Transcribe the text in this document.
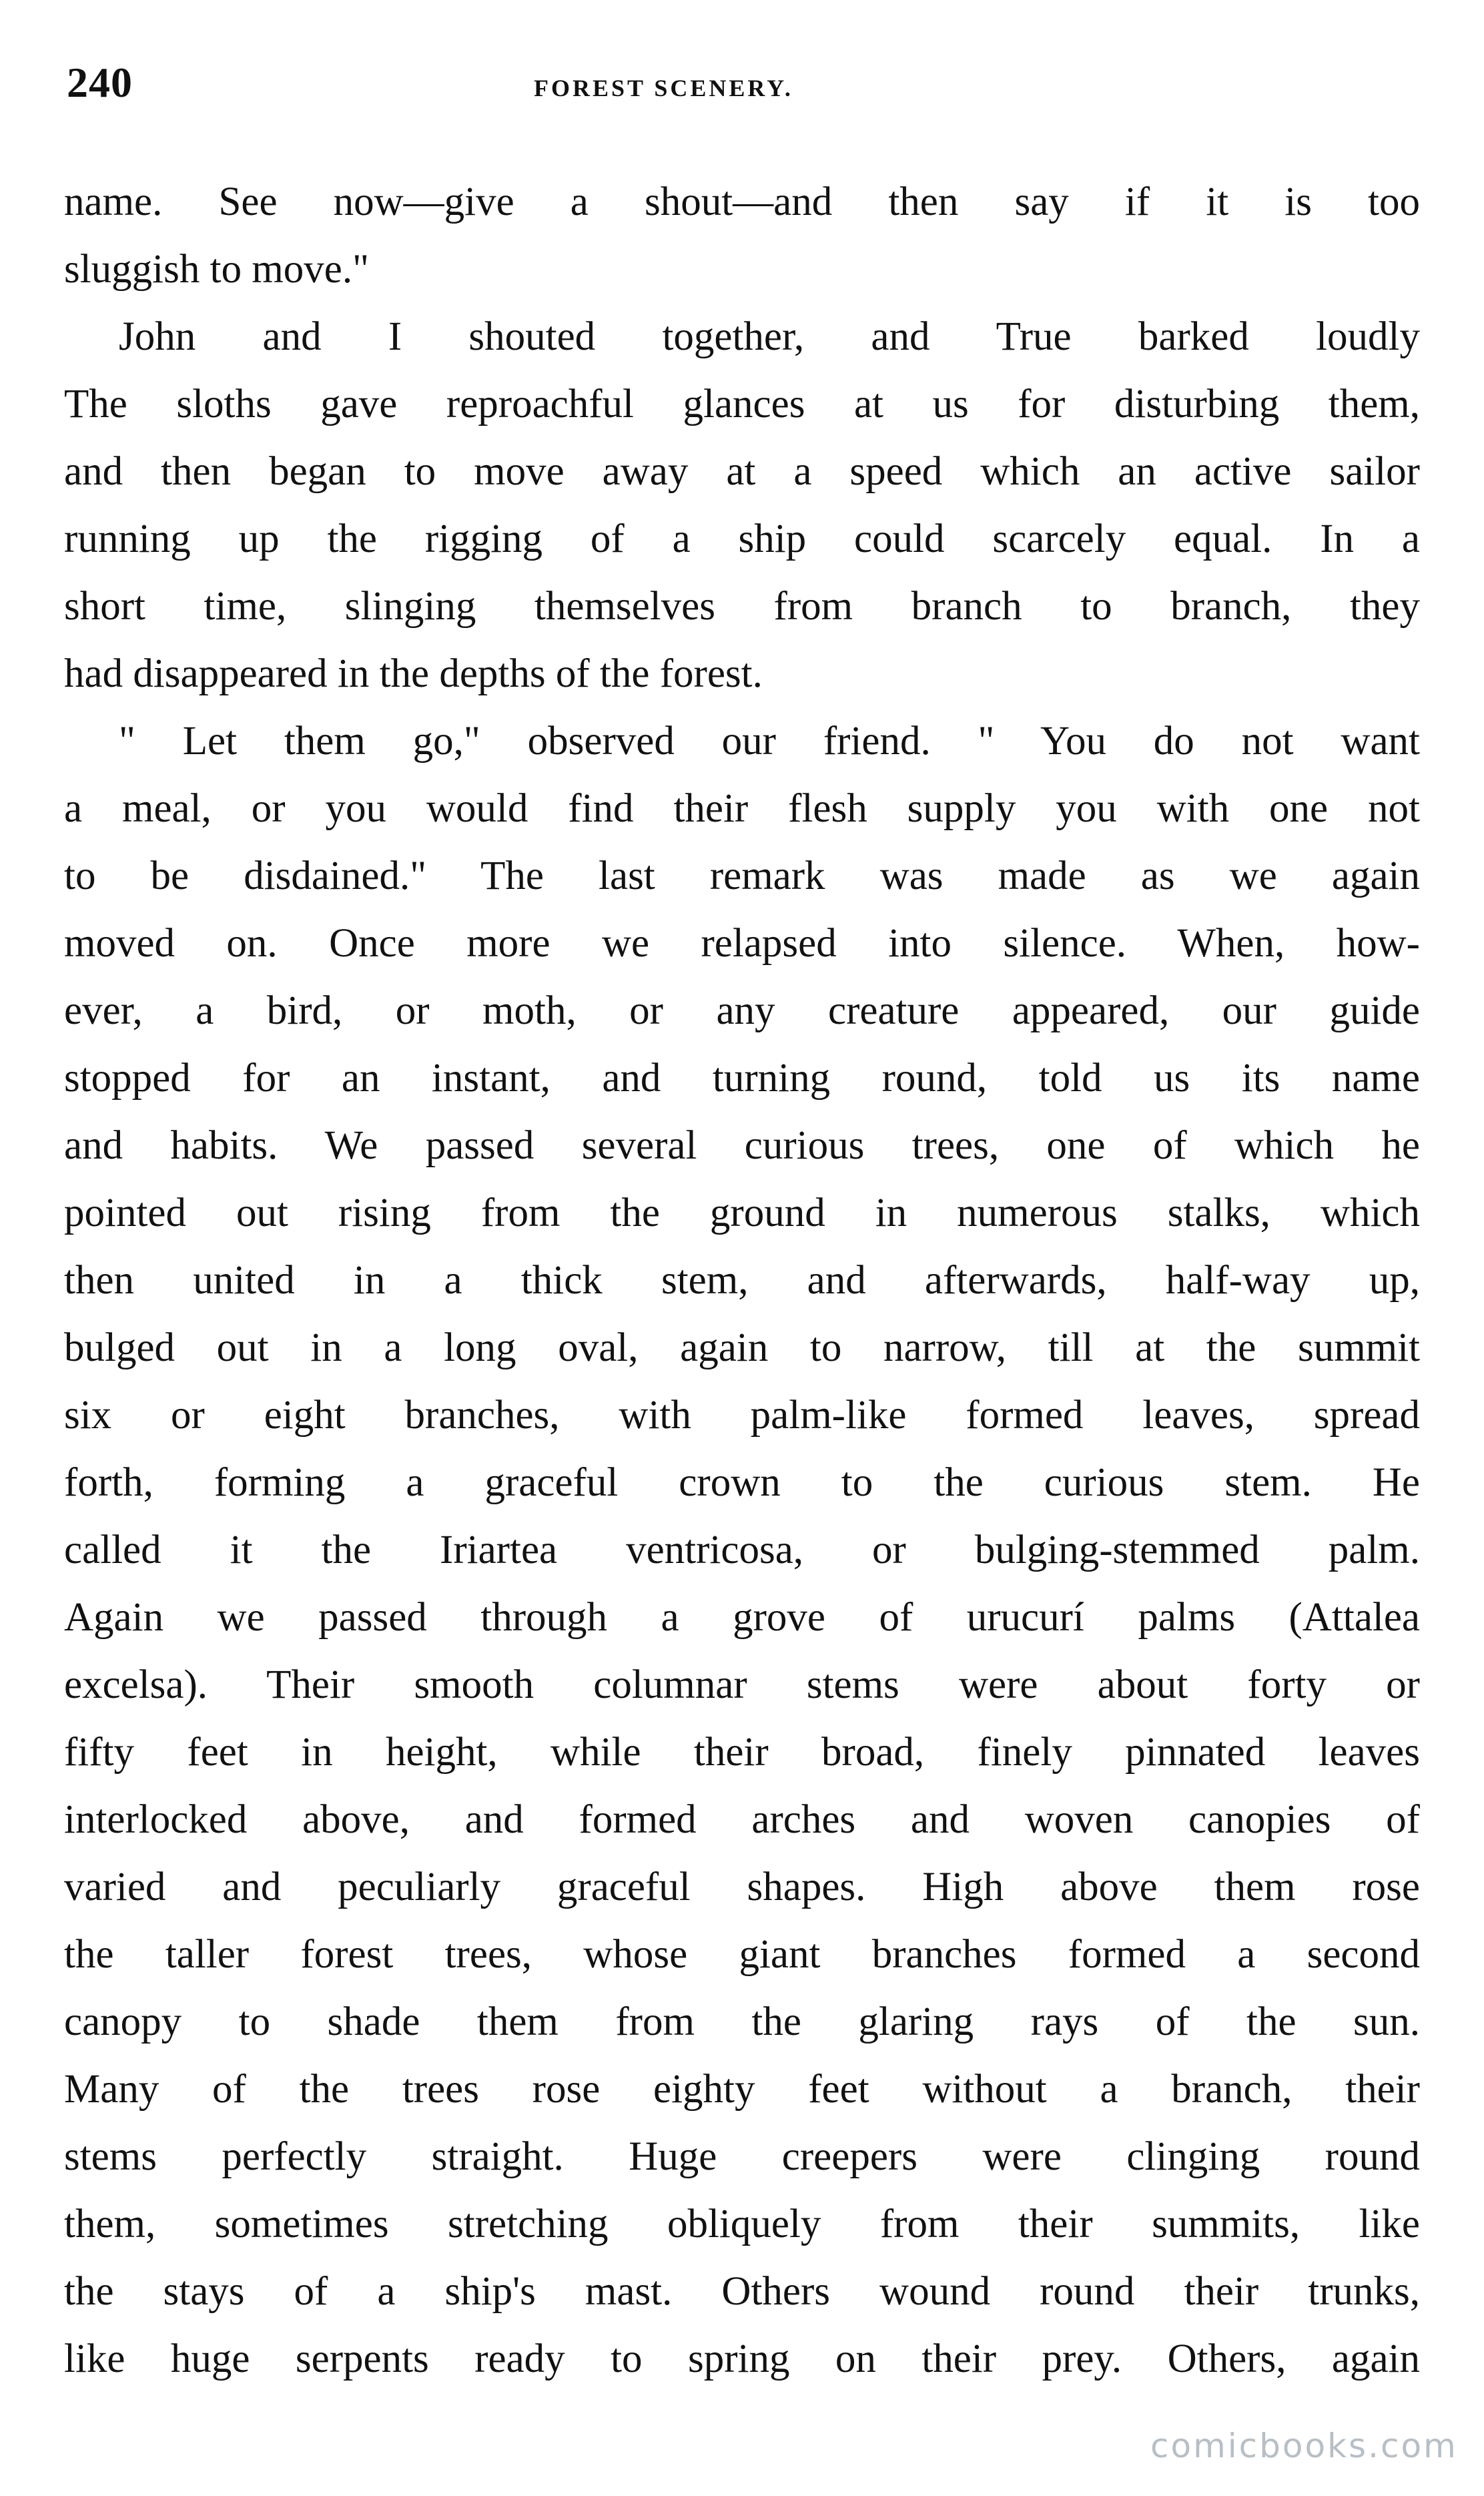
240	FOREST SCENERY.
name. See now—give a shout—and then say if it is too
sluggish to move."
John and I shouted together, and True barked loudly
The sloths gave reproachful glances at us for disturbing them,
and then began to move away at a speed which an active sailor
running up the rigging of a ship could scarcely equal. In a
short time, slinging themselves from branch to branch, they
had disappeared in the depths of the forest.
" Let them go," observed our friend. " You do not want
a meal, or you would find their flesh supply you with one not
to be disdained." The last remark was made as we again
moved on. Once more we relapsed into silence. When, how-
ever, a bird, or moth, or any creature appeared, our guide
stopped for an instant, and turning round, told us its name
and habits. We passed several curious trees, one of which he
pointed out rising from the ground in numerous stalks, which
then united in a thick stem, and afterwards, half-way up,
bulged out in a long oval, again to narrow, till at the summit
six or eight branches, with palm-like formed leaves, spread
forth, forming a graceful crown to the curious stem. He
called it the Iriartea ventricosa, or bulging-stemmed palm.
Again we passed through a grove of urucurí palms (Attalea
excelsa). Their smooth columnar stems were about forty or
fifty feet in height, while their broad, finely pinnated leaves
interlocked above, and formed arches and woven canopies of
varied and peculiarly graceful shapes. High above them rose
the taller forest trees, whose giant branches formed a second
canopy to shade them from the glaring rays of the sun.
Many of the trees rose eighty feet without a branch, their
stems perfectly straight. Huge creepers were clinging round
them, sometimes stretching obliquely from their summits, like
the stays of a ship's mast. Others wound round their trunks,
like huge serpents ready to spring on their prey. Others, again
comicbooks.com
